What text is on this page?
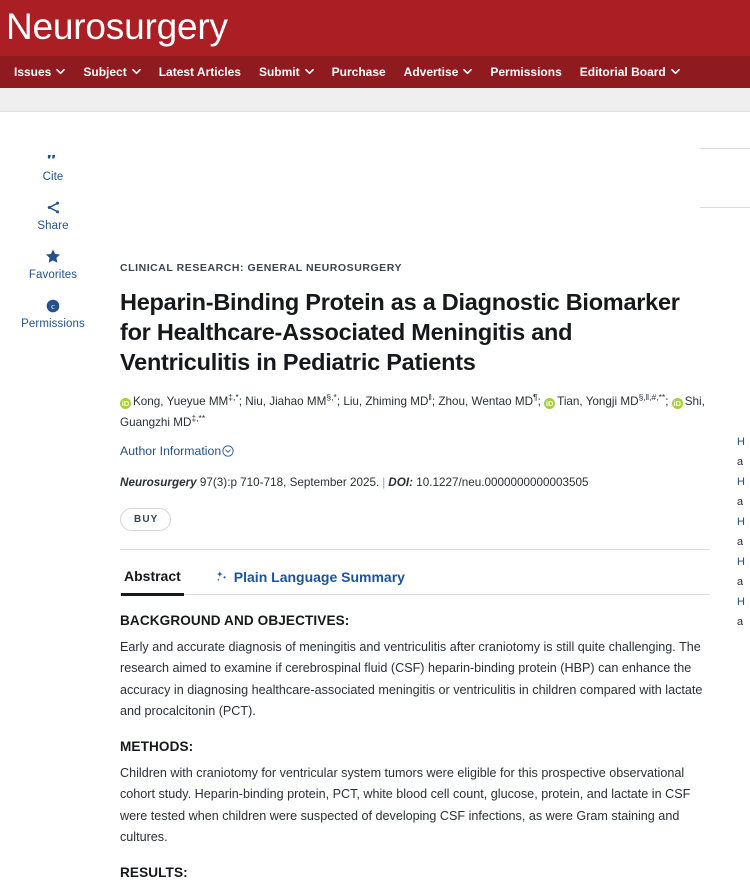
Neurosurgery
Issues	Subject	Latest Articles Submit	Purchase Advertise	Permissions Editorial Board
Cite
Share
Favorites
c
Permissions
CLINICAL RESEARCH: GENERAL NEUROSURGERY
Heparin-Binding Protein as a Diagnostic Biomarker for Healthcare-Associated Meningitis and Ventriculitis in Pediatric Patients
iD Kong, Yueyue MM‡,*; Niu, Jiahao MM§,*; Liu, Zhiming MD‖; Zhou, Wentao MD¶; iD Tian, Yongji MD§,‖,#,**; iD Shi, Guangzhi MD‡,**
Author Information
Neurosurgery 97(3):p 710-718, September 2025. | DOI: 10.1227/neu.0000000000003505
BUY
Abstract	Plain Language Summary
BACKGROUND AND OBJECTIVES:

Early and accurate diagnosis of meningitis and ventriculitis after craniotomy is still quite challenging. The research aimed to examine if cerebrospinal fluid (CSF) heparin-binding protein (HBP) can enhance the accuracy in diagnosing healthcare-associated meningitis or ventriculitis in children compared with lactate and procalcitonin (PCT).

METHODS:

Children with craniotomy for ventricular system tumors were eligible for this prospective observational cohort study. Heparin-binding protein, PCT, white blood cell count, glucose, protein, and lactate in CSF were tested when children were suspected of developing CSF infections, as were Gram staining and cultures.

RESULTS:

H
a
H
a
H
a
H
a
H
a
